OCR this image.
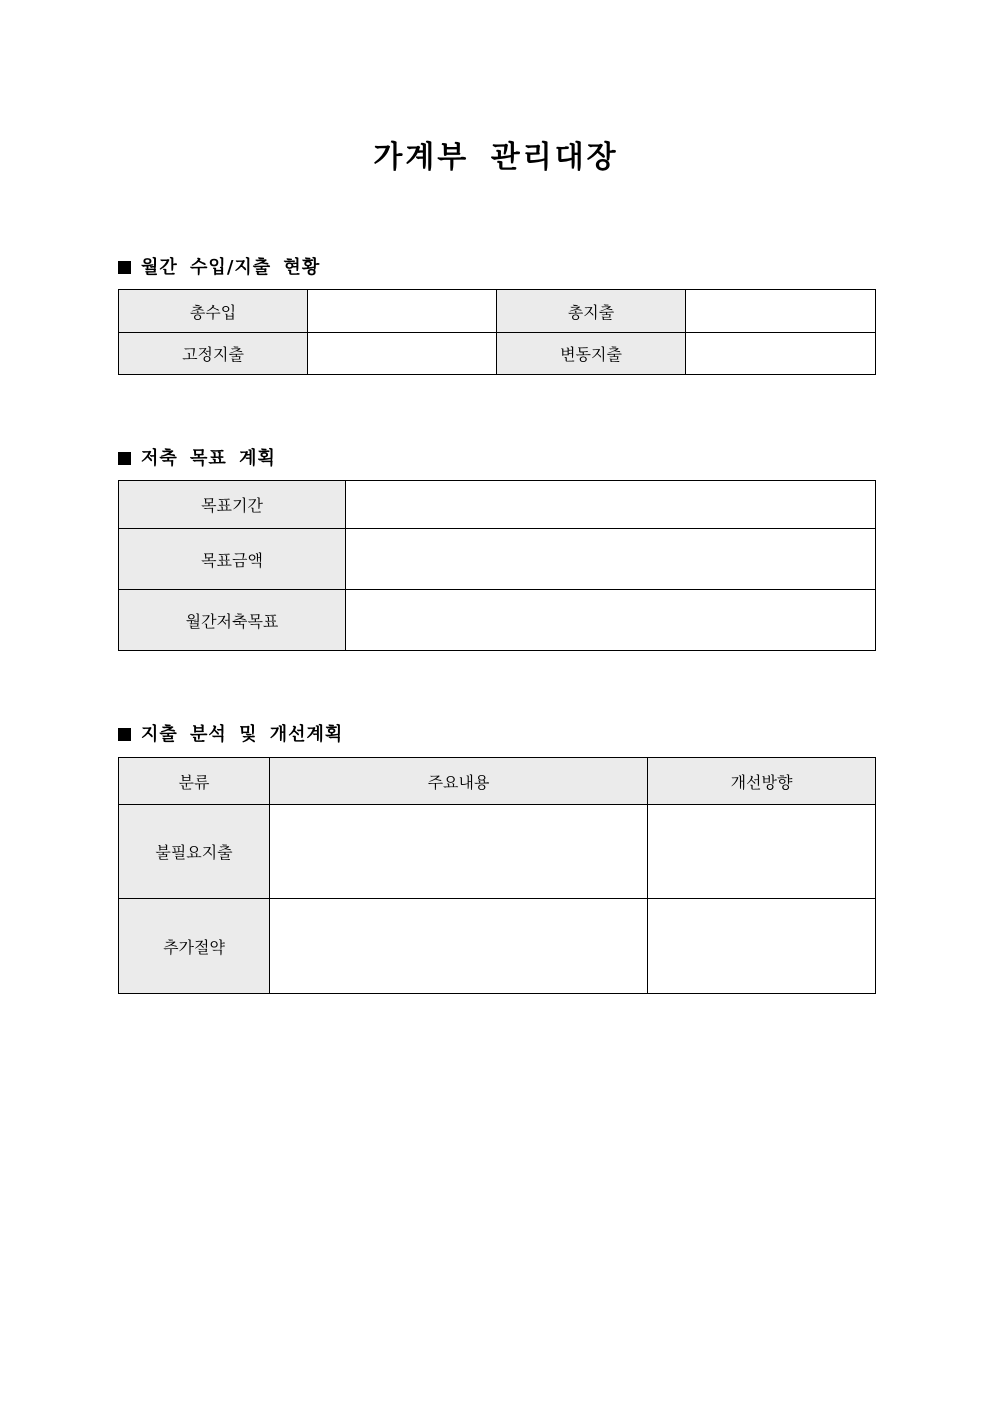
가계부 관리대장
월간 수입/지출 현황
총수입		총지출	
고정지출		변동지출	
저축 목표 계획
목표기간	
목표금액	
월간저축목표	
지출 분석 및 개선계획
분류	주요내용	개선방향
불필요지출		
추가절약		
